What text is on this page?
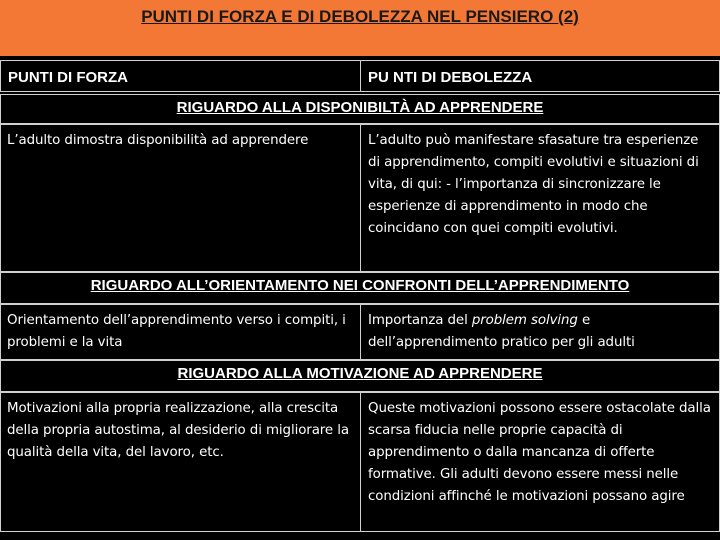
PUNTI DI FORZA E DI DEBOLEZZA NEL PENSIERO (2)
PUNTI DI FORZA	PU NTI DI DEBOLEZZA
RIGUARDO ALLA DISPONIBILTÀ AD APPRENDERE
L’adulto dimostra disponibilità ad apprendere	L’adulto può manifestare sfasature tra esperienze di apprendimento, compiti evolutivi e situazioni di vita, di qui: - l’importanza di sincronizzare le esperienze di apprendimento in modo che coincidano con quei compiti evolutivi.
RIGUARDO ALL’ORIENTAMENTO NEI CONFRONTI DELL’APPRENDIMENTO
Orientamento dell’apprendimento verso i compiti, i problemi e la vita
Importanza del problem solving e dell’apprendimento pratico per gli adulti
RIGUARDO ALLA MOTIVAZIONE AD APPRENDERE
Motivazioni alla propria realizzazione, alla crescita della propria autostima, al desiderio di migliorare la qualità della vita, del lavoro, etc.
Queste motivazioni possono essere ostacolate dalla scarsa fiducia nelle proprie capacità di apprendimento o dalla mancanza di offerte formative. Gli adulti devono essere messi nelle condizioni affinché le motivazioni possano agire
